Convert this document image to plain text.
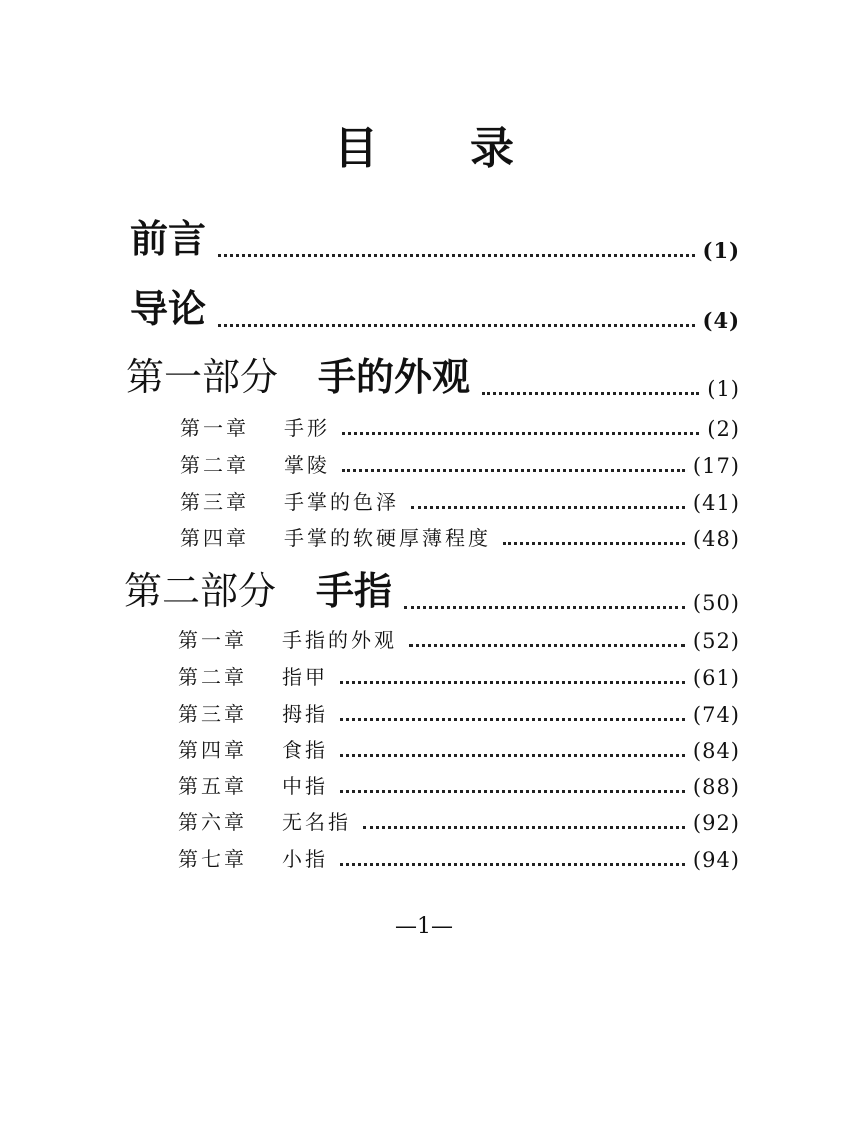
目 录
前言	(1)
导论	(4)
第一部分 手的外观	(1)
第一章 手形	(2)
第二章 掌陵	(17)
第三章 手掌的色泽	(41)
第四章 手掌的软硬厚薄程度	(48)
第二部分 手指	(50)
第一章 手指的外观	(52)
第二章 指甲	(61)
第三章 拇指	(74)
第四章 食指	(84)
第五章 中指	(88)
第六章 无名指	(92)
第七章 小指	(94)
—1—
